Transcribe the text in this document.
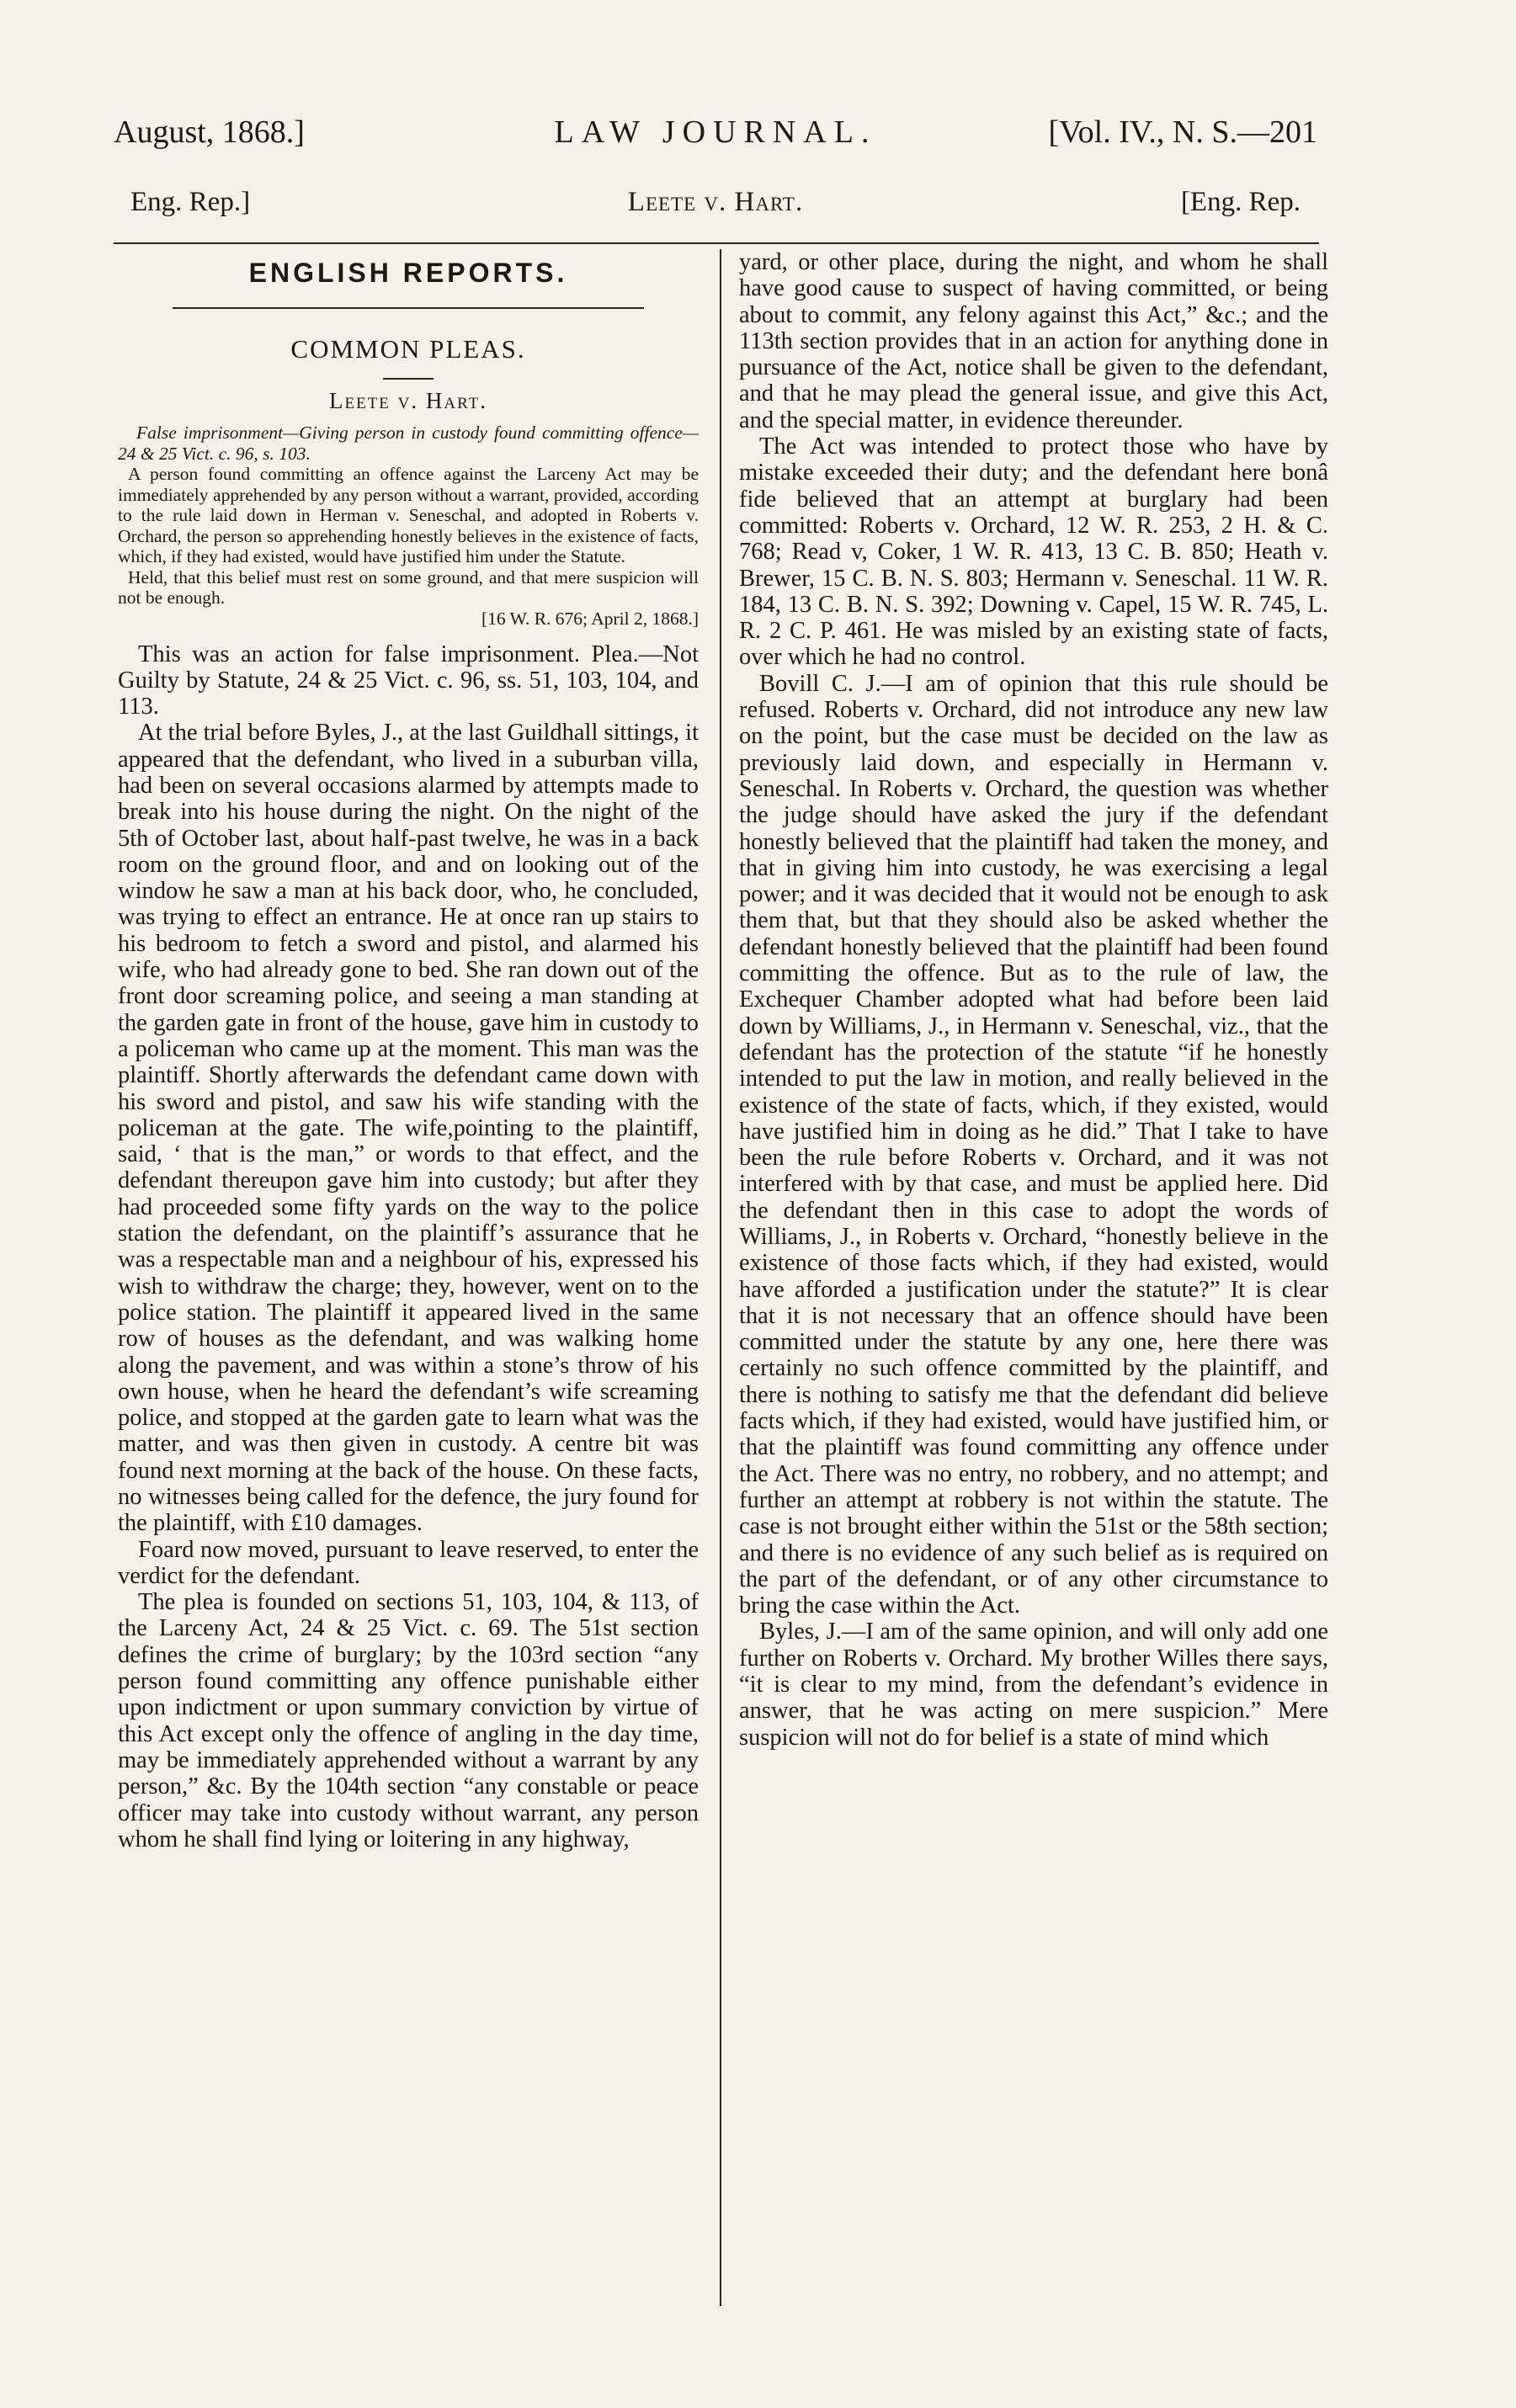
August, 1868.]	LAW JOURNAL.	[Vol. IV., N. S.—201
Eng. Rep.]	Leete v. Hart.	[Eng. Rep.

ENGLISH REPORTS.

COMMON PLEAS.

Leete v. Hart.

False imprisonment—Giving person in custody found committing offence—24 & 25 Vict. c. 96, s. 103.

A person found committing an offence against the Larceny Act may be immediately apprehended by any person without a warrant, provided, according to the rule laid down in Herman v. Seneschal, and adopted in Roberts v. Orchard, the person so apprehending honestly believes in the existence of facts, which, if they had existed, would have justified him under the Statute.

Held, that this belief must rest on some ground, and that mere suspicion will not be enough.

[16 W. R. 676; April 2, 1868.]

This was an action for false imprisonment. Plea.—Not Guilty by Statute, 24 & 25 Vict. c. 96, ss. 51, 103, 104, and 113.

At the trial before Byles, J., at the last Guildhall sittings, it appeared that the defendant, who lived in a suburban villa, had been on several occasions alarmed by attempts made to break into his house during the night. On the night of the 5th of October last, about half-past twelve, he was in a back room on the ground floor, and and on looking out of the window he saw a man at his back door, who, he concluded, was trying to effect an entrance. He at once ran up stairs to his bedroom to fetch a sword and pistol, and alarmed his wife, who had already gone to bed. She ran down out of the front door screaming police, and seeing a man standing at the garden gate in front of the house, gave him in custody to a policeman who came up at the moment. This man was the plaintiff. Shortly afterwards the defendant came down with his sword and pistol, and saw his wife standing with the policeman at the gate. The wife,pointing to the plaintiff, said, ‘ that is the man,” or words to that effect, and the defendant thereupon gave him into custody; but after they had proceeded some fifty yards on the way to the police station the defendant, on the plaintiff’s assurance that he was a respectable man and a neighbour of his, expressed his wish to withdraw the charge; they, however, went on to the police station. The plaintiff it appeared lived in the same row of houses as the defendant, and was walking home along the pavement, and was within a stone’s throw of his own house, when he heard the defendant’s wife screaming police, and stopped at the garden gate to learn what was the matter, and was then given in custody. A centre bit was found next morning at the back of the house. On these facts, no witnesses being called for the defence, the jury found for the plaintiff, with £10 damages.

Foard now moved, pursuant to leave reserved, to enter the verdict for the defendant.

The plea is founded on sections 51, 103, 104, & 113, of the Larceny Act, 24 & 25 Vict. c. 69. The 51st section defines the crime of burglary; by the 103rd section “any person found committing any offence punishable either upon indictment or upon summary conviction by virtue of this Act except only the offence of angling in the day time, may be immediately apprehended without a warrant by any person,” &c. By the 104th section “any constable or peace officer may take into custody without warrant, any person whom he shall find lying or loitering in any highway,

yard, or other place, during the night, and whom he shall have good cause to suspect of having committed, or being about to commit, any felony against this Act,” &c.; and the 113th section provides that in an action for anything done in pursuance of the Act, notice shall be given to the defendant, and that he may plead the general issue, and give this Act, and the special matter, in evidence thereunder.

The Act was intended to protect those who have by mistake exceeded their duty; and the defendant here bonâ fide believed that an attempt at burglary had been committed: Roberts v. Orchard, 12 W. R. 253, 2 H. & C. 768; Read v, Coker, 1 W. R. 413, 13 C. B. 850; Heath v. Brewer, 15 C. B. N. S. 803; Hermann v. Seneschal. 11 W. R. 184, 13 C. B. N. S. 392; Downing v. Capel, 15 W. R. 745, L. R. 2 C. P. 461. He was misled by an existing state of facts, over which he had no control.

Bovill C. J.—I am of opinion that this rule should be refused. Roberts v. Orchard, did not introduce any new law on the point, but the case must be decided on the law as previously laid down, and especially in Hermann v. Seneschal. In Roberts v. Orchard, the question was whether the judge should have asked the jury if the defendant honestly believed that the plaintiff had taken the money, and that in giving him into custody, he was exercising a legal power; and it was decided that it would not be enough to ask them that, but that they should also be asked whether the defendant honestly believed that the plaintiff had been found committing the offence. But as to the rule of law, the Exchequer Chamber adopted what had before been laid down by Williams, J., in Hermann v. Seneschal, viz., that the defendant has the protection of the statute “if he honestly intended to put the law in motion, and really believed in the existence of the state of facts, which, if they existed, would have justified him in doing as he did.” That I take to have been the rule before Roberts v. Orchard, and it was not interfered with by that case, and must be applied here. Did the defendant then in this case to adopt the words of Williams, J., in Roberts v. Orchard, “honestly believe in the existence of those facts which, if they had existed, would have afforded a justification under the statute?” It is clear that it is not necessary that an offence should have been committed under the statute by any one, here there was certainly no such offence committed by the plaintiff, and there is nothing to satisfy me that the defendant did believe facts which, if they had existed, would have justified him, or that the plaintiff was found committing any offence under the Act. There was no entry, no robbery, and no attempt; and further an attempt at robbery is not within the statute. The case is not brought either within the 51st or the 58th section; and there is no evidence of any such belief as is required on the part of the defendant, or of any other circumstance to bring the case within the Act.

Byles, J.—I am of the same opinion, and will only add one further on Roberts v. Orchard. My brother Willes there says, “it is clear to my mind, from the defendant’s evidence in answer, that he was acting on mere suspicion.” Mere suspicion will not do for belief is a state of mind which
